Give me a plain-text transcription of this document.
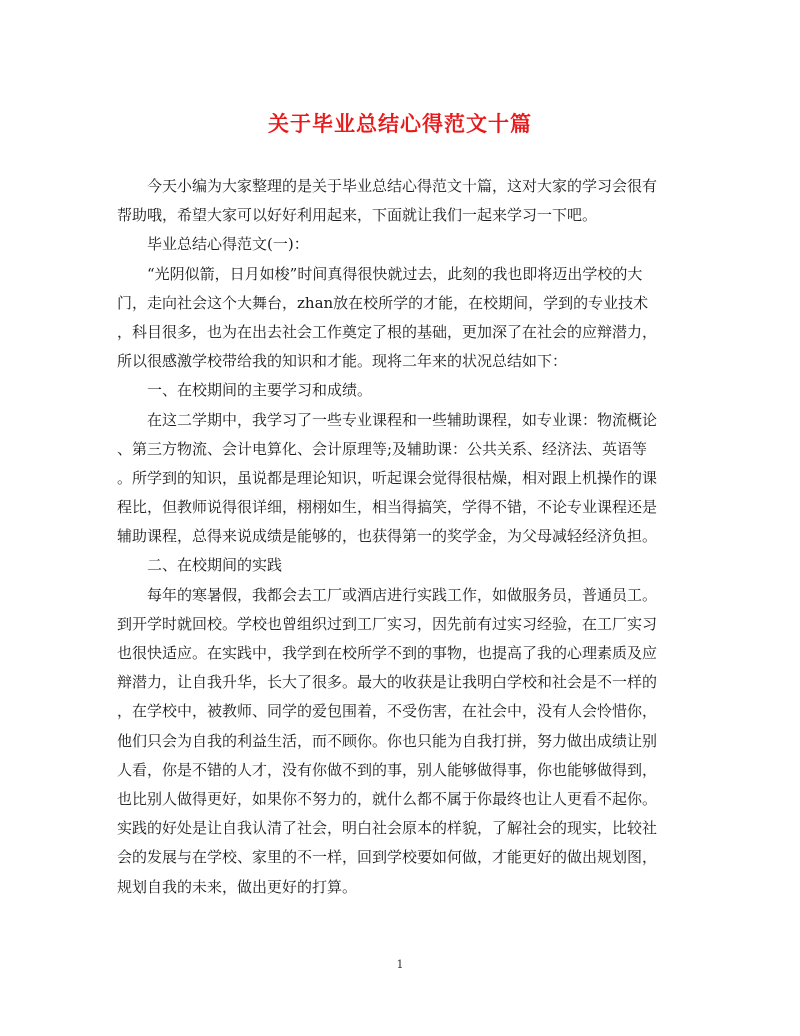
关于毕业总结心得范文十篇
今天小编为大家整理的是关于毕业总结心得范文十篇，这对大家的学习会很有
帮助哦，希望大家可以好好利用起来，下面就让我们一起来学习一下吧。
毕业总结心得范文(一)：
“光阴似箭，日月如梭”时间真得很快就过去，此刻的我也即将迈出学校的大
门，走向社会这个大舞台，zhan放在校所学的才能，在校期间，学到的专业技术
，科目很多，也为在出去社会工作奠定了根的基础，更加深了在社会的应辩潜力，
所以很感激学校带给我的知识和才能。现将二年来的状况总结如下：
一、在校期间的主要学习和成绩。
在这二学期中，我学习了一些专业课程和一些辅助课程，如专业课：物流概论
、第三方物流、会计电算化、会计原理等;及辅助课：公共关系、经济法、英语等
。所学到的知识，虽说都是理论知识，听起课会觉得很枯燥，相对跟上机操作的课
程比，但教师说得很详细，栩栩如生，相当得搞笑，学得不错，不论专业课程还是
辅助课程，总得来说成绩是能够的，也获得第一的奖学金，为父母减轻经济负担。
二、在校期间的实践
每年的寒暑假，我都会去工厂或酒店进行实践工作，如做服务员，普通员工。
到开学时就回校。学校也曾组织过到工厂实习，因先前有过实习经验，在工厂实习
也很快适应。在实践中，我学到在校所学不到的事物，也提高了我的心理素质及应
辩潜力，让自我升华，长大了很多。最大的收获是让我明白学校和社会是不一样的
，在学校中，被教师、同学的爱包围着，不受伤害，在社会中，没有人会怜惜你，
他们只会为自我的利益生活，而不顾你。你也只能为自我打拼，努力做出成绩让别
人看，你是不错的人才，没有你做不到的事，别人能够做得事，你也能够做得到，
也比别人做得更好，如果你不努力的，就什么都不属于你最终也让人更看不起你。
实践的好处是让自我认清了社会，明白社会原本的样貌，了解社会的现实，比较社
会的发展与在学校、家里的不一样，回到学校要如何做，才能更好的做出规划图，
规划自我的未来，做出更好的打算。
1
